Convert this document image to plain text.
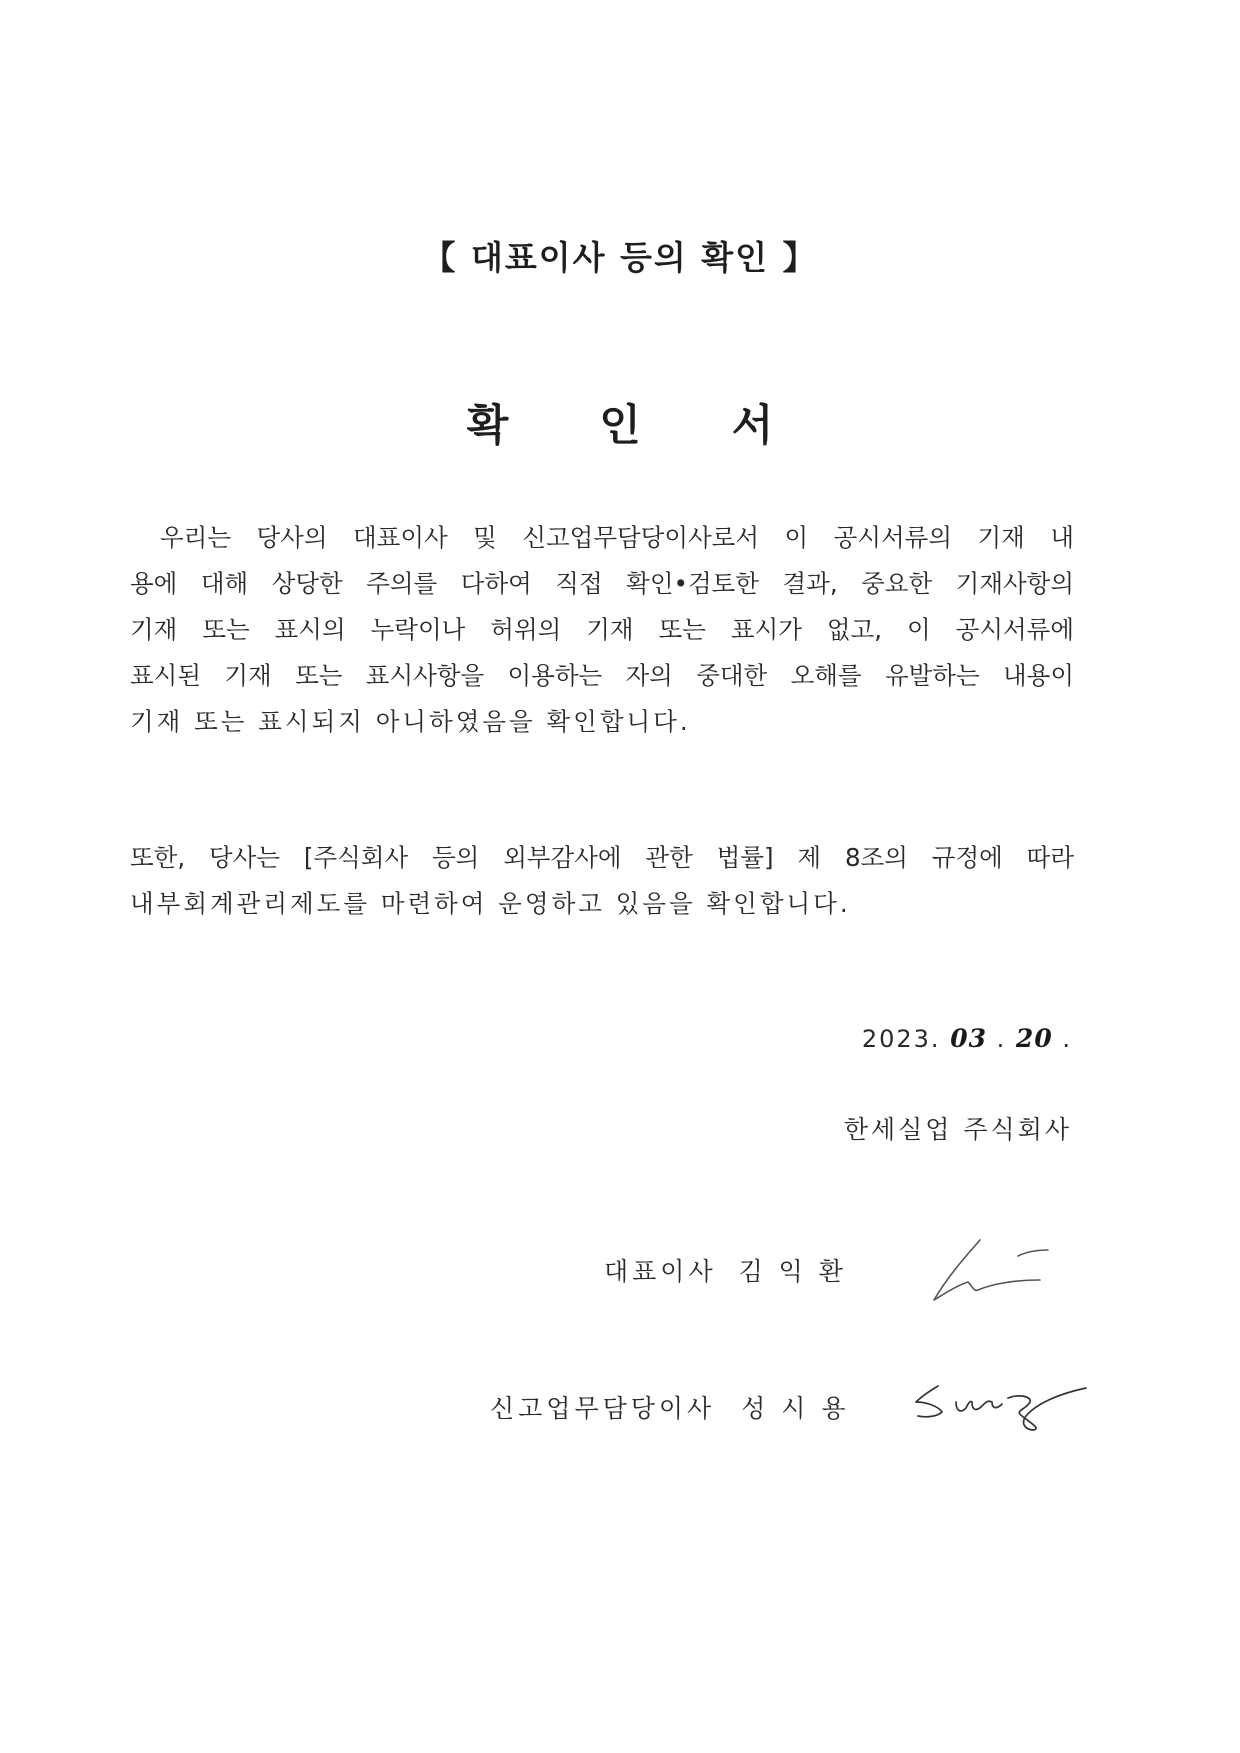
【 대표이사 등의 확인 】
확 인 서
우리는 당사의 대표이사 및 신고업무담당이사로서 이 공시서류의 기재 내
용에 대해 상당한 주의를 다하여 직접 확인•검토한 결과, 중요한 기재사항의
기재 또는 표시의 누락이나 허위의 기재 또는 표시가 없고, 이 공시서류에
표시된 기재 또는 표시사항을 이용하는 자의 중대한 오해를 유발하는 내용이
기재 또는 표시되지 아니하였음을 확인합니다.
또한, 당사는 [주식회사 등의 외부감사에 관한 법률] 제 8조의 규정에 따라
내부회계관리제도를 마련하여 운영하고 있음을 확인합니다.
2023. 03 . 20 .
한세실업 주식회사
대표이사 김 익 환
신고업무담당이사 성 시 용
